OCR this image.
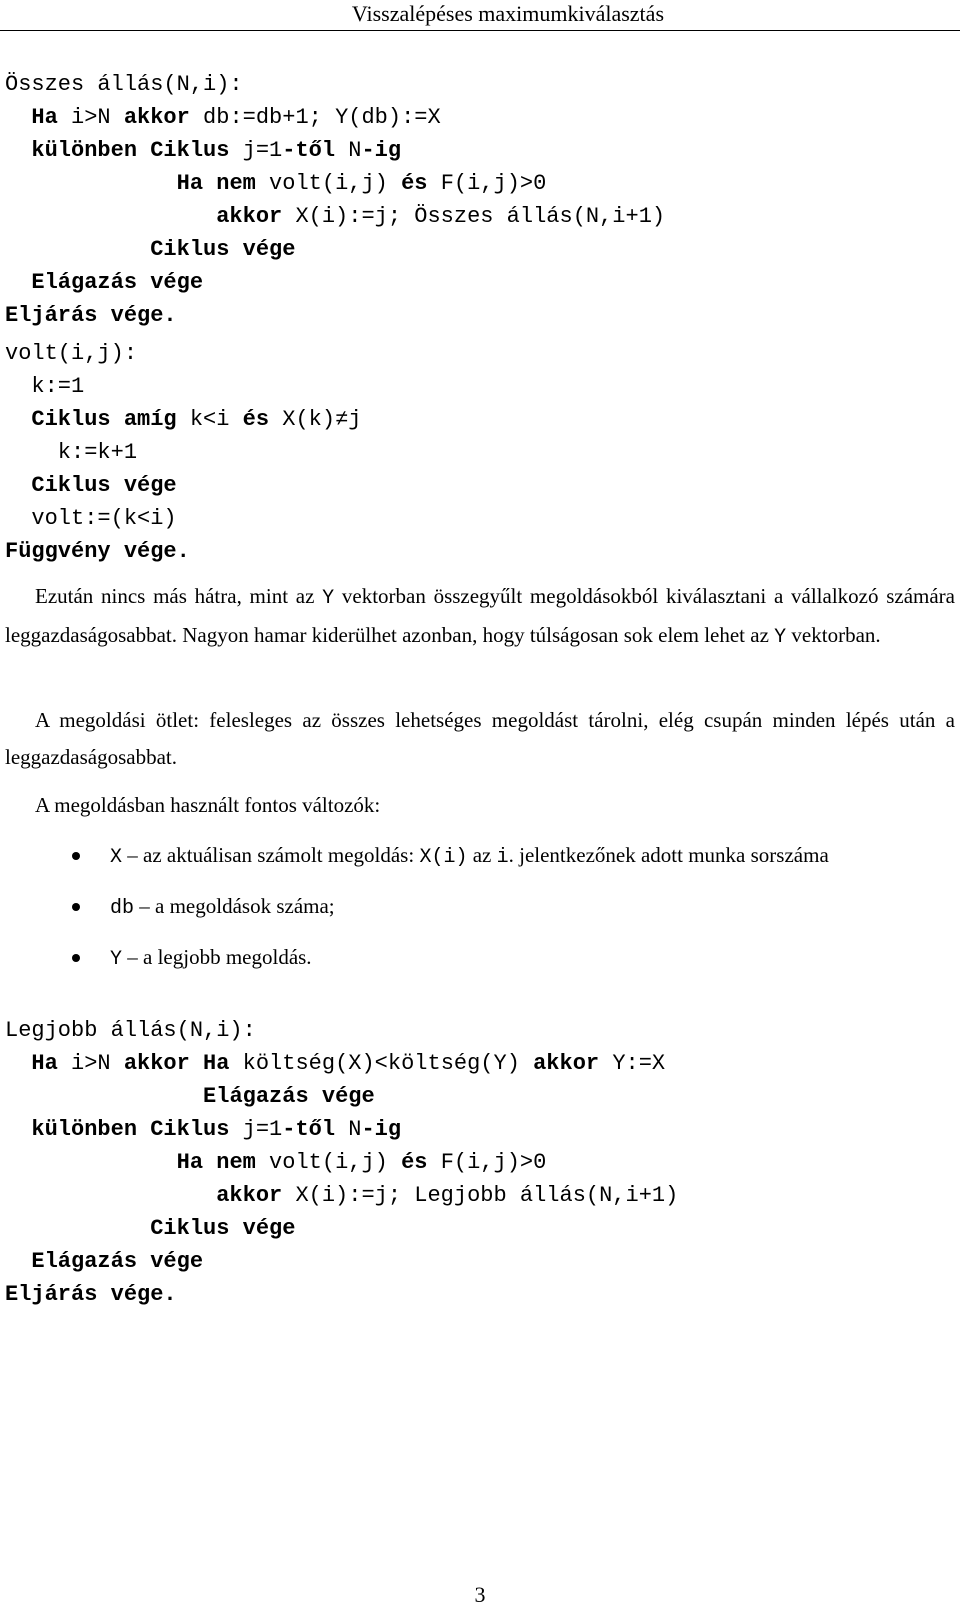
Visszalépéses maximumkiválasztás
Összes állás(N,i):
Ha i>N akkor db:=db+1; Y(db):=X
különben Ciklus j=1-től N-ig
Ha nem volt(i,j) és F(i,j)>0
akkor X(i):=j; Összes állás(N,i+1)
Ciklus vége
Elágazás vége
Eljárás vége.
volt(i,j):
k:=1
Ciklus amíg k<i és X(k)≠j
k:=k+1
Ciklus vége
volt:=(k<i)
Függvény vége.
Ezután nincs más hátra, mint az Y vektorban összegyűlt megoldásokból kiválasztani a vállalkozó számára leggazdaságosabbat. Nagyon hamar kiderülhet azonban, hogy túlságosan sok elem lehet az Y vektorban.
A megoldási ötlet: felesleges az összes lehetséges megoldást tárolni, elég csupán minden lépés után a leggazdaságosabbat.
A megoldásban használt fontos változók:
X – az aktuálisan számolt megoldás: X(i) az i. jelentkezőnek adott munka sorszáma
db – a megoldások száma;
Y – a legjobb megoldás.
Legjobb állás(N,i):
Ha i>N akkor Ha költség(X)<költség(Y) akkor Y:=X
Elágazás vége
különben Ciklus j=1-től N-ig
Ha nem volt(i,j) és F(i,j)>0
akkor X(i):=j; Legjobb állás(N,i+1)
Ciklus vége
Elágazás vége
Eljárás vége.
3
